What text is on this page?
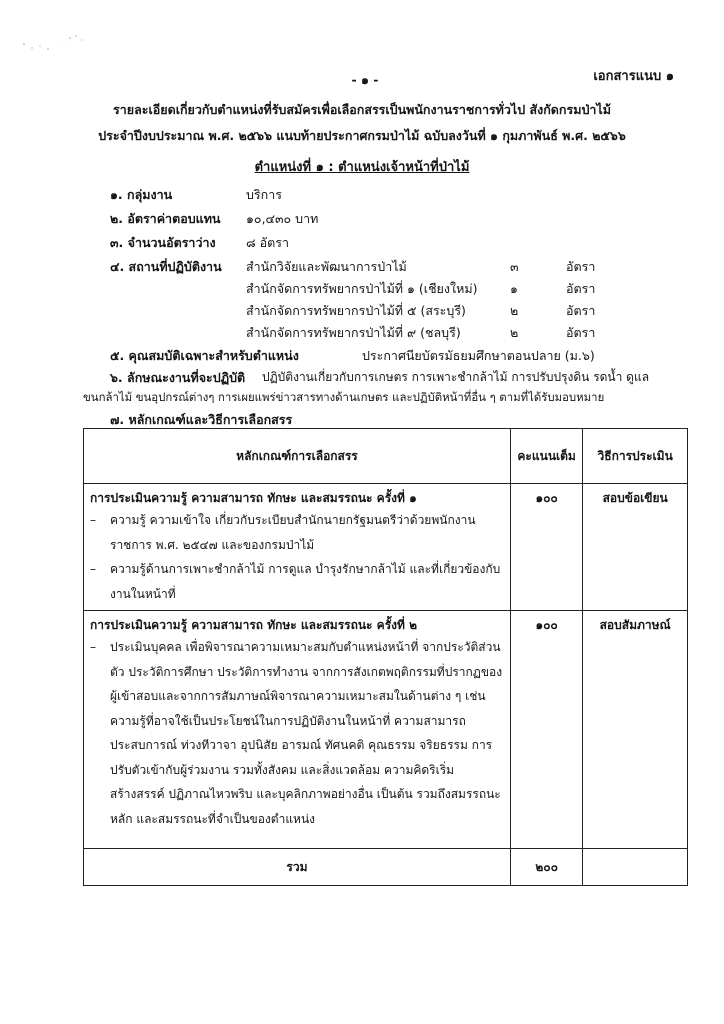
- ๑ -	เอกสารแนบ ๑
รายละเอียดเกี่ยวกับตำแหน่งที่รับสมัครเพื่อเลือกสรรเป็นพนักงานราชการทั่วไป สังกัดกรมป่าไม้
ประจำปีงบประมาณ พ.ศ. ๒๕๖๖ แนบท้ายประกาศกรมป่าไม้ ฉบับลงวันที่ ๑ กุมภาพันธ์ พ.ศ. ๒๕๖๖
ตำแหน่งที่ ๑ : ตำแหน่งเจ้าหน้าที่ป่าไม้
๑. กลุ่มงาน	บริการ
๒. อัตราค่าตอบแทน ๑๐,๔๓๐ บาท
๓. จำนวนอัตราว่าง ๘ อัตรา
๔. สถานที่ปฏิบัติงาน สำนักวิจัยและพัฒนาการป่าไม้	๓	อัตรา
สำนักจัดการทรัพยากรป่าไม้ที่ ๑ (เชียงใหม่)	๑	อัตรา
สำนักจัดการทรัพยากรป่าไม้ที่ ๕ (สระบุรี)	๒	อัตรา
สำนักจัดการทรัพยากรป่าไม้ที่ ๙ (ชลบุรี)	๒	อัตรา
๕. คุณสมบัติเฉพาะสำหรับตำแหน่ง	ประกาศนียบัตรมัธยมศึกษาตอนปลาย (ม.๖)
๖. ลักษณะงานที่จะปฏิบัติ ปฏิบัติงานเกี่ยวกับการเกษตร การเพาะชำกล้าไม้ การปรับปรุงดิน รดน้ำ ดูแล
ขนกล้าไม้ ขนอุปกรณ์ต่างๆ การเผยแพร่ข่าวสารทางด้านเกษตร และปฏิบัติหน้าที่อื่น ๆ ตามที่ได้รับมอบหมาย
๗. หลักเกณฑ์และวิธีการเลือกสรร
หลักเกณฑ์การเลือกสรร	คะแนนเต็ม	วิธีการประเมิน

การประเมินความรู้ ความสามารถ ทักษะ และสมรรถนะ ครั้งที่ ๑
– ความรู้ ความเข้าใจ เกี่ยวกับระเบียบสำนักนายกรัฐมนตรีว่าด้วยพนักงานราชการ พ.ศ. ๒๕๔๗ และของกรมป่าไม้
– ความรู้ด้านการเพาะชำกล้าไม้ การดูแล บำรุงรักษากล้าไม้ และที่เกี่ยวข้องกับงานในหน้าที่	๑๐๐	สอบข้อเขียน

การประเมินความรู้ ความสามารถ ทักษะ และสมรรถนะ ครั้งที่ ๒
– ประเมินบุคคล เพื่อพิจารณาความเหมาะสมกับตำแหน่งหน้าที่ จากประวัติส่วนตัว ประวัติการศึกษา ประวัติการทำงาน จากการสังเกตพฤติกรรมที่ปรากฏของผู้เข้าสอบและจากการสัมภาษณ์พิจารณาความเหมาะสมในด้านต่าง ๆ เช่น ความรู้ที่อาจใช้เป็นประโยชน์ในการปฏิบัติงานในหน้าที่ ความสามารถ ประสบการณ์ ท่วงทีวาจา อุปนิสัย อารมณ์ ทัศนคติ คุณธรรม จริยธรรม การปรับตัวเข้ากับผู้ร่วมงาน รวมทั้งสังคม และสิ่งแวดล้อม ความคิดริเริ่มสร้างสรรค์ ปฏิภาณไหวพริบ และบุคลิกภาพอย่างอื่น เป็นต้น รวมถึงสมรรถนะหลัก และสมรรถนะที่จำเป็นของตำแหน่ง	๑๐๐	สอบสัมภาษณ์

รวม	๒๐๐	
